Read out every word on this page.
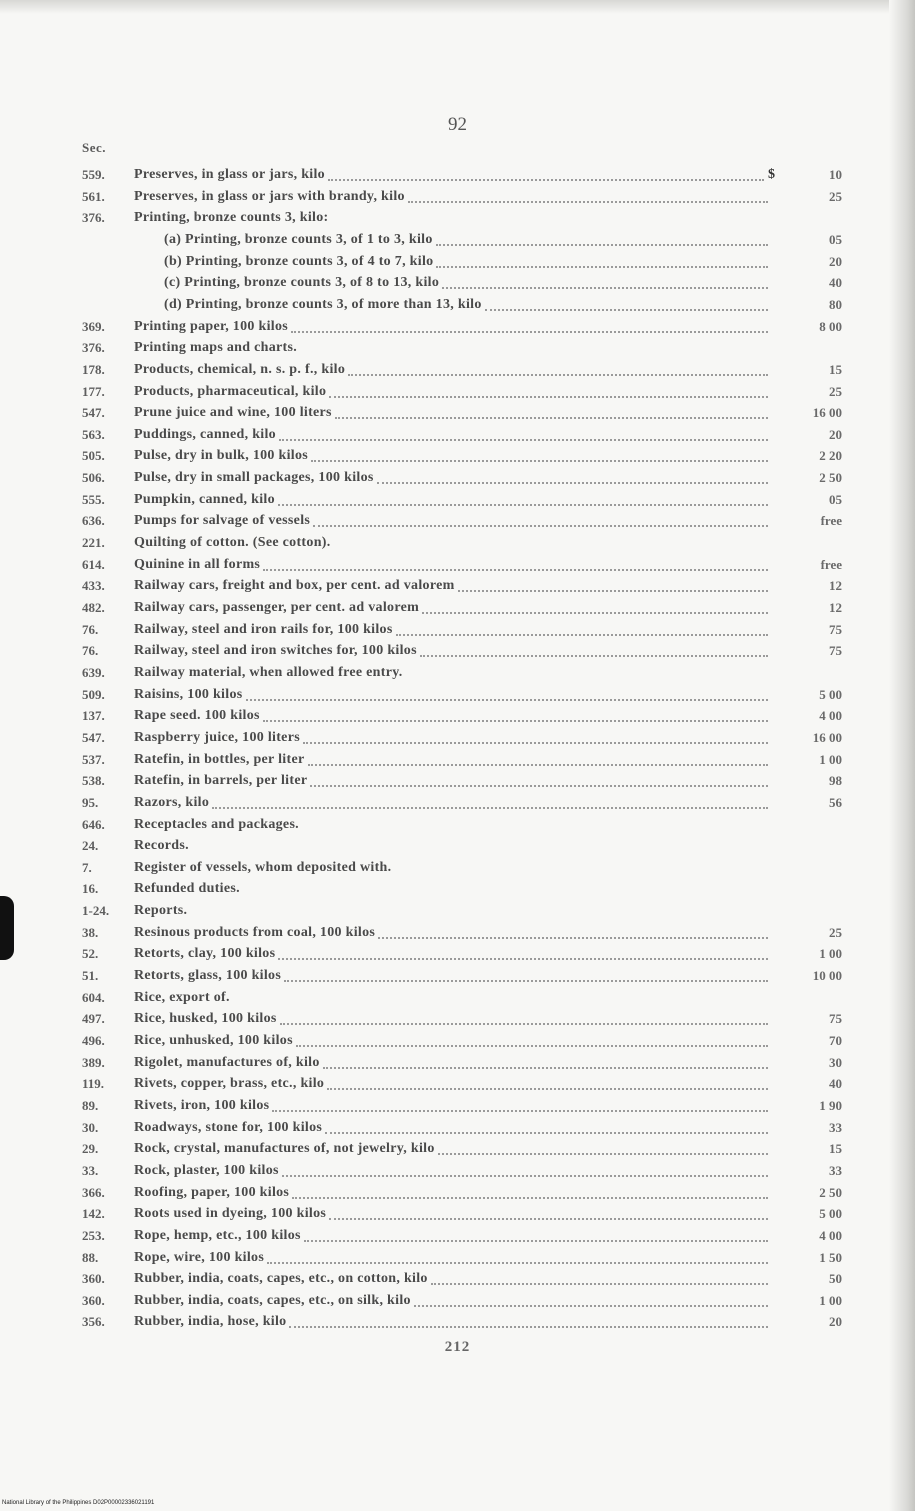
92
Sec.
559.	Preserves, in glass or jars, kilo	$	10
561.	Preserves, in glass or jars with brandy, kilo	25
376.	Printing, bronze counts 3, kilo:
(a) Printing, bronze counts 3, of 1 to 3, kilo	05
(b) Printing, bronze counts 3, of 4 to 7, kilo	20
(c) Printing, bronze counts 3, of 8 to 13, kilo	40
(d) Printing, bronze counts 3, of more than 13, kilo	80
369.	Printing paper, 100 kilos	8 00
376.	Printing maps and charts.
178.	Products, chemical, n. s. p. f., kilo	15
177.	Products, pharmaceutical, kilo	25
547.	Prune juice and wine, 100 liters	16 00
563.	Puddings, canned, kilo	20
505.	Pulse, dry in bulk, 100 kilos	2 20
506.	Pulse, dry in small packages, 100 kilos	2 50
555.	Pumpkin, canned, kilo	05
636.	Pumps for salvage of vessels	free
221.	Quilting of cotton. (See cotton).
614.	Quinine in all forms	free
433.	Railway cars, freight and box, per cent. ad valorem	12
482.	Railway cars, passenger, per cent. ad valorem	12
76.	Railway, steel and iron rails for, 100 kilos	75
76.	Railway, steel and iron switches for, 100 kilos	75
639.	Railway material, when allowed free entry.
509.	Raisins, 100 kilos	5 00
137.	Rape seed. 100 kilos	4 00
547.	Raspberry juice, 100 liters	16 00
537.	Ratefin, in bottles, per liter	1 00
538.	Ratefin, in barrels, per liter	98
95.	Razors, kilo	56
646.	Receptacles and packages.
24.	Records.
7.	Register of vessels, whom deposited with.
16.	Refunded duties.
1-24.	Reports.
38.	Resinous products from coal, 100 kilos	25
52.	Retorts, clay, 100 kilos	1 00
51.	Retorts, glass, 100 kilos	10 00
604.	Rice, export of.
497.	Rice, husked, 100 kilos	75
496.	Rice, unhusked, 100 kilos	70
389.	Rigolet, manufactures of, kilo	30
119.	Rivets, copper, brass, etc., kilo	40
89.	Rivets, iron, 100 kilos	1 90
30.	Roadways, stone for, 100 kilos	33
29.	Rock, crystal, manufactures of, not jewelry, kilo	15
33.	Rock, plaster, 100 kilos	33
366.	Roofing, paper, 100 kilos	2 50
142.	Roots used in dyeing, 100 kilos	5 00
253.	Rope, hemp, etc., 100 kilos	4 00
88.	Rope, wire, 100 kilos	1 50
360.	Rubber, india, coats, capes, etc., on cotton, kilo	50
360.	Rubber, india, coats, capes, etc., on silk, kilo	1 00
356.	Rubber, india, hose, kilo	20
212
National Library of the Philippines D02P00002336021191
